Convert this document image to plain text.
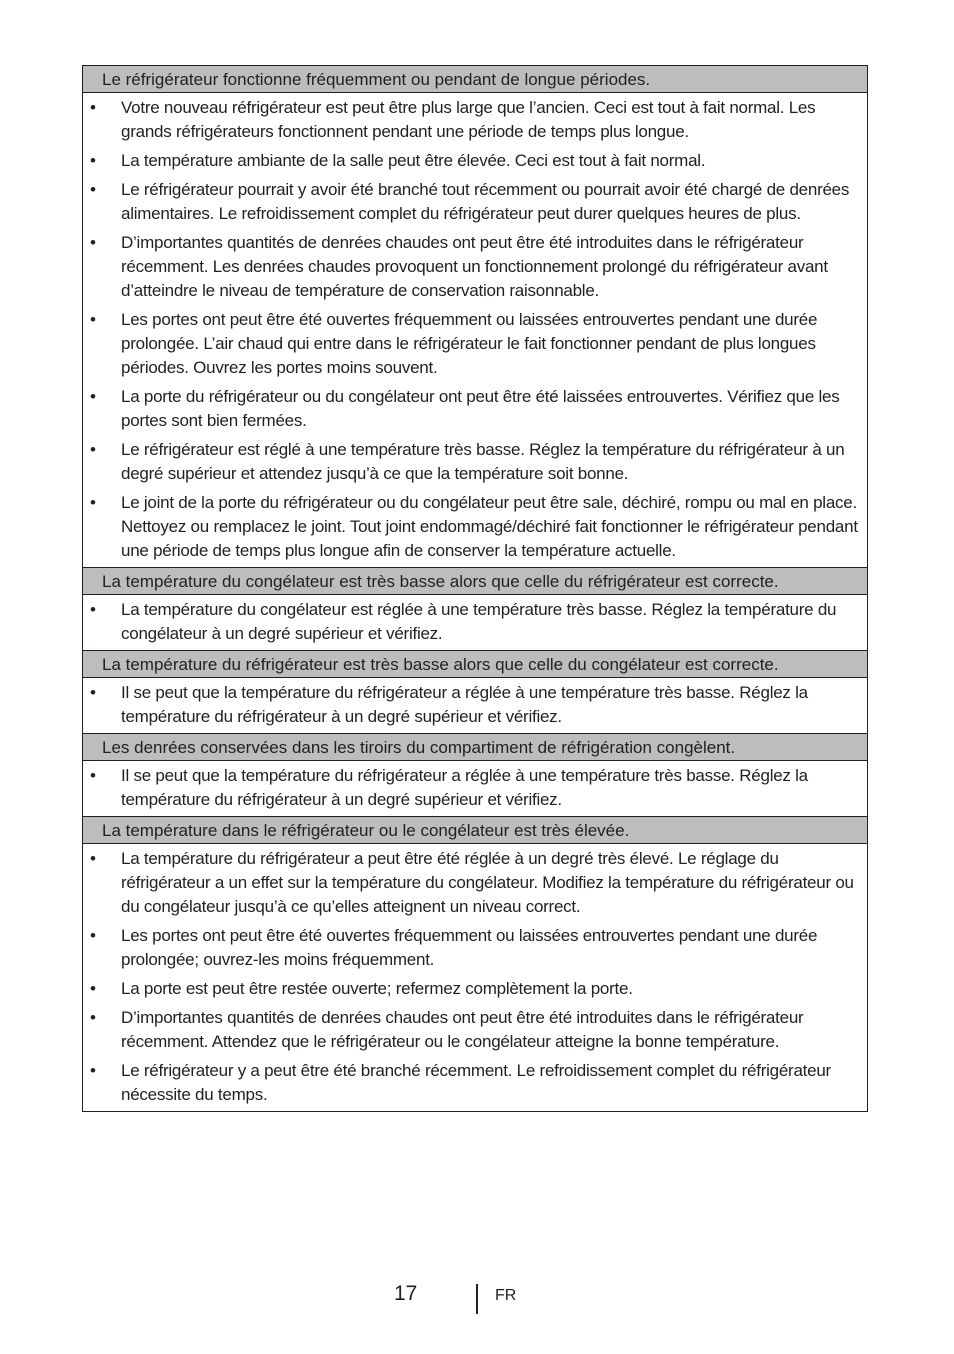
Le réfrigérateur fonctionne fréquemment ou pendant de longue périodes.
•	Votre nouveau réfrigérateur est peut être plus large que l’ancien. Ceci est tout à fait normal. Les grands réfrigérateurs fonctionnent pendant une période de temps plus longue.
•	La température ambiante de la salle peut être élevée. Ceci est tout à fait normal.
•	Le réfrigérateur pourrait y avoir été branché tout récemment ou pourrait avoir été chargé de denrées alimentaires. Le refroidissement complet du réfrigérateur peut durer quelques heures de plus.
•	D’importantes quantités de denrées chaudes ont peut être été introduites dans le réfrigérateur récemment. Les denrées chaudes provoquent un fonctionnement prolongé du réfrigérateur avant d’atteindre le niveau de température de conservation raisonnable.
•	Les portes ont peut être été ouvertes fréquemment ou laissées entrouvertes pendant une durée prolongée. L’air chaud qui entre dans le réfrigérateur le fait fonctionner pendant de plus longues périodes. Ouvrez les portes moins souvent.
•	La porte du réfrigérateur ou du congélateur ont peut être été laissées entrouvertes. Vérifiez que les portes sont bien fermées.
•	Le réfrigérateur est réglé à une température très basse. Réglez la température du réfrigérateur à un degré supérieur et attendez jusqu’à ce que la température soit bonne.
•	Le joint de la porte du réfrigérateur ou du congélateur peut être sale, déchiré, rompu ou mal en place. Nettoyez ou remplacez le joint. Tout joint endommagé/déchiré fait fonctionner le réfrigérateur pendant une période de temps plus longue afin de conserver la température actuelle.
La température du congélateur est très basse alors que celle du réfrigérateur est correcte.
•	La température du congélateur est réglée à une température très basse. Réglez la température du congélateur à un degré supérieur et vérifiez.
La température du réfrigérateur est très basse alors que celle du congélateur est correcte.
•	Il se peut que la température du réfrigérateur a réglée à une température très basse. Réglez la température du réfrigérateur à un degré supérieur et vérifiez.
Les denrées conservées dans les tiroirs du compartiment de réfrigération congèlent.
•	Il se peut que la température du réfrigérateur a réglée à une température très basse. Réglez la température du réfrigérateur à un degré supérieur et vérifiez.
La température dans le réfrigérateur ou le congélateur est très élevée.
•	La température du réfrigérateur a peut être été réglée à un degré très élevé. Le réglage du réfrigérateur a un effet sur la température du congélateur. Modifiez la température du réfrigérateur ou du congélateur jusqu’à ce qu’elles atteignent un niveau correct.
•	Les portes ont peut être été ouvertes fréquemment ou laissées entrouvertes pendant une durée prolongée; ouvrez-les moins fréquemment.
•	La porte est peut être restée ouverte; refermez complètement la porte.
•	D’importantes quantités de denrées chaudes ont peut être été introduites dans le réfrigérateur récemment. Attendez que le réfrigérateur ou le congélateur atteigne la bonne température.
•	Le réfrigérateur y a peut être été branché récemment. Le refroidissement complet du réfrigérateur nécessite du temps.
17	FR
